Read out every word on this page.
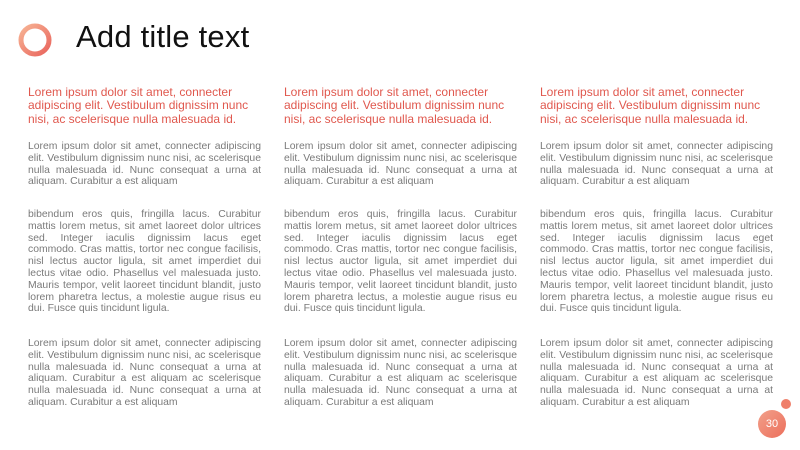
Add title text
Lorem ipsum dolor sit amet, connecter adipiscing elit. Vestibulum dignissim nunc nisi, ac scelerisque nulla malesuada id.
Lorem ipsum dolor sit amet, connecter adipiscing elit. Vestibulum dignissim nunc nisi, ac scelerisque nulla malesuada id. Nunc consequat a urna at aliquam. Curabitur a est aliquam
bibendum eros quis, fringilla lacus. Curabitur mattis lorem metus, sit amet laoreet dolor ultrices sed. Integer iaculis dignissim lacus eget commodo. Cras mattis, tortor nec congue facilisis, nisl lectus auctor ligula, sit amet imperdiet dui lectus vitae odio. Phasellus vel malesuada justo. Mauris tempor, velit laoreet tincidunt blandit, justo lorem pharetra lectus, a molestie augue risus eu dui. Fusce quis tincidunt ligula.
Lorem ipsum dolor sit amet, connecter adipiscing elit. Vestibulum dignissim nunc nisi, ac scelerisque nulla malesuada id. Nunc consequat a urna at aliquam. Curabitur a est aliquam ac scelerisque nulla malesuada id. Nunc consequat a urna at aliquam. Curabitur a est aliquam
Lorem ipsum dolor sit amet, connecter adipiscing elit. Vestibulum dignissim nunc nisi, ac scelerisque nulla malesuada id.
Lorem ipsum dolor sit amet, connecter adipiscing elit. Vestibulum dignissim nunc nisi, ac scelerisque nulla malesuada id. Nunc consequat a urna at aliquam. Curabitur a est aliquam
bibendum eros quis, fringilla lacus. Curabitur mattis lorem metus, sit amet laoreet dolor ultrices sed. Integer iaculis dignissim lacus eget commodo. Cras mattis, tortor nec congue facilisis, nisl lectus auctor ligula, sit amet imperdiet dui lectus vitae odio. Phasellus vel malesuada justo. Mauris tempor, velit laoreet tincidunt blandit, justo lorem pharetra lectus, a molestie augue risus eu dui. Fusce quis tincidunt ligula.
Lorem ipsum dolor sit amet, connecter adipiscing elit. Vestibulum dignissim nunc nisi, ac scelerisque nulla malesuada id. Nunc consequat a urna at aliquam. Curabitur a est aliquam ac scelerisque nulla malesuada id. Nunc consequat a urna at aliquam. Curabitur a est aliquam
Lorem ipsum dolor sit amet, connecter adipiscing elit. Vestibulum dignissim nunc nisi, ac scelerisque nulla malesuada id.
Lorem ipsum dolor sit amet, connecter adipiscing elit. Vestibulum dignissim nunc nisi, ac scelerisque nulla malesuada id. Nunc consequat a urna at aliquam. Curabitur a est aliquam
bibendum eros quis, fringilla lacus. Curabitur mattis lorem metus, sit amet laoreet dolor ultrices sed. Integer iaculis dignissim lacus eget commodo. Cras mattis, tortor nec congue facilisis, nisl lectus auctor ligula, sit amet imperdiet dui lectus vitae odio. Phasellus vel malesuada justo. Mauris tempor, velit laoreet tincidunt blandit, justo lorem pharetra lectus, a molestie augue risus eu dui. Fusce quis tincidunt ligula.
Lorem ipsum dolor sit amet, connecter adipiscing elit. Vestibulum dignissim nunc nisi, ac scelerisque nulla malesuada id. Nunc consequat a urna at aliquam. Curabitur a est aliquam ac scelerisque nulla malesuada id. Nunc consequat a urna at aliquam. Curabitur a est aliquam
30
